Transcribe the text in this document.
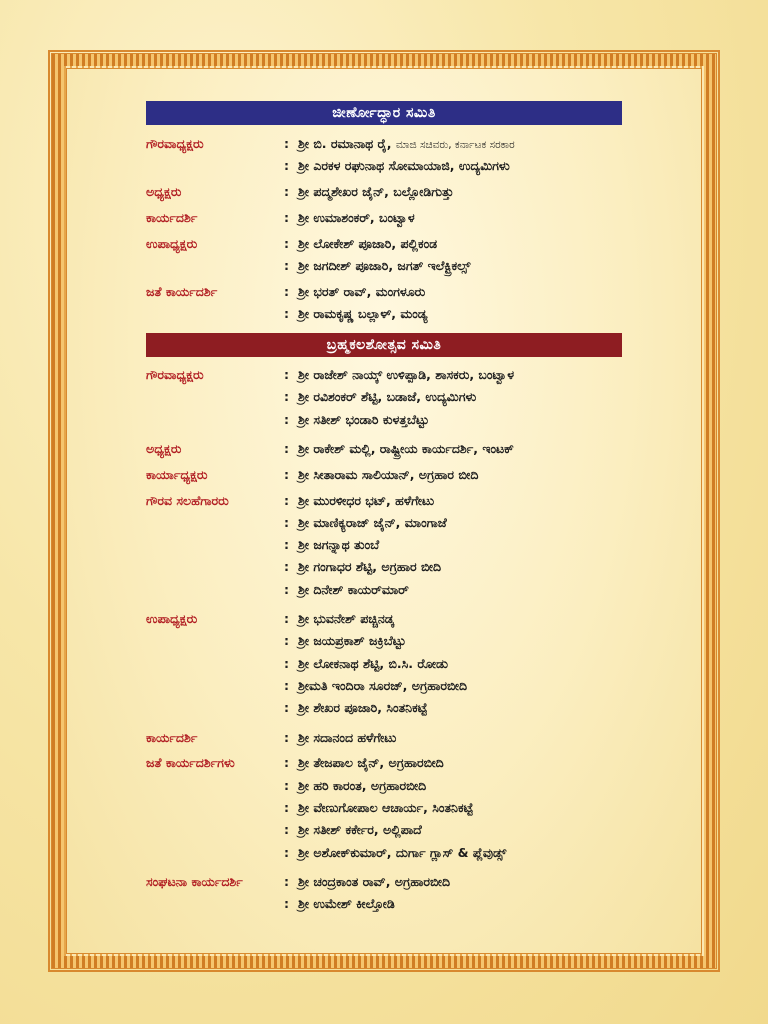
ಜೀರ್ಣೋದ್ಧಾರ ಸಮಿತಿ
ಬ್ರಹ್ಮಕಲಶೋತ್ಸವ ಸಮಿತಿ
ಗೌರವಾಧ್ಯಕ್ಷರು	: ಶ್ರೀ ಬಿ. ರಮಾನಾಥ ರೈ, ಮಾಜಿ ಸಚಿವರು, ಕರ್ನಾಟಕ ಸರಕಾರ
: ಶ್ರೀ ಎರಕಳ ರಘುನಾಥ ಸೋಮಾಯಾಜಿ, ಉದ್ಯಮಿಗಳು
ಅಧ್ಯಕ್ಷರು	: ಶ್ರೀ ಪದ್ಮಶೇಖರ ಜೈನ್, ಬಲ್ಲೋಡಿಗುತ್ತು
ಕಾರ್ಯದರ್ಶಿ	: ಶ್ರೀ ಉಮಾಶಂಕರ್, ಬಂಟ್ವಾಳ
ಉಪಾಧ್ಯಕ್ಷರು	: ಶ್ರೀ ಲೋಕೇಶ್ ಪೂಜಾರಿ, ಪಲ್ಲಿಕಂಡ
: ಶ್ರೀ ಜಗದೀಶ್ ಪೂಜಾರಿ, ಜಗತ್ ಇಲೆಕ್ಟ್ರಿಕಲ್ಸ್
ಜತೆ ಕಾರ್ಯದರ್ಶಿ	: ಶ್ರೀ ಭರತ್ ರಾವ್, ಮಂಗಳೂರು
: ಶ್ರೀ ರಾಮಕೃಷ್ಣ ಬಲ್ಲಾಳ್, ಮಂಡ್ಯ
ಗೌರವಾಧ್ಯಕ್ಷರು	: ಶ್ರೀ ರಾಜೇಶ್ ನಾಯ್ಕ್ ಉಳಿಪ್ಪಾಡಿ, ಶಾಸಕರು, ಬಂಟ್ವಾಳ
: ಶ್ರೀ ರವಿಶಂಕರ್ ಶೆಟ್ಟಿ, ಬಡಾಜೆ, ಉದ್ಯಮಿಗಳು
: ಶ್ರೀ ಸತೀಶ್ ಭಂಡಾರಿ ಕುಳತ್ತಬೆಟ್ಟು
ಅಧ್ಯಕ್ಷರು	: ಶ್ರೀ ರಾಕೇಶ್ ಮಲ್ಲಿ, ರಾಷ್ಟ್ರೀಯ ಕಾರ್ಯದರ್ಶಿ, ಇಂಟಕ್
ಕಾರ್ಯಾಧ್ಯಕ್ಷರು	: ಶ್ರೀ ಸೀತಾರಾಮ ಸಾಲಿಯಾನ್, ಅಗ್ರಹಾರ ಬೀದಿ
ಗೌರವ ಸಲಹೆಗಾರರು	: ಶ್ರೀ ಮುರಳೀಧರ ಭಟ್, ಹಳೆಗೇಟು
: ಶ್ರೀ ಮಾಣಿಕ್ಯರಾಜ್ ಜೈನ್, ಮಾಂಗಾಜೆ
: ಶ್ರೀ ಜಗನ್ನಾಥ ತುಂಬೆ
: ಶ್ರೀ ಗಂಗಾಧರ ಶೆಟ್ಟಿ, ಅಗ್ರಹಾರ ಬೀದಿ
: ಶ್ರೀ ದಿನೇಶ್ ಕಾಯರ್‌ಮಾರ್
ಉಪಾಧ್ಯಕ್ಷರು	: ಶ್ರೀ ಭುವನೇಶ್ ಪಚ್ಚಿನಡ್ಕ
: ಶ್ರೀ ಜಯಪ್ರಕಾಶ್ ಜಕ್ರಿಬೆಟ್ಟು
: ಶ್ರೀ ಲೋಕನಾಥ ಶೆಟ್ಟಿ, ಬಿ.ಸಿ. ರೋಡು
: ಶ್ರೀಮತಿ ಇಂದಿರಾ ಸೂರಜ್, ಅಗ್ರಹಾರಬೀದಿ
: ಶ್ರೀ ಶೇಖರ ಪೂಜಾರಿ, ಸಿಂತನಿಕಟ್ಟೆ
ಕಾರ್ಯದರ್ಶಿ	: ಶ್ರೀ ಸದಾನಂದ ಹಳೆಗೇಟು
ಜತೆ ಕಾರ್ಯದರ್ಶಿಗಳು	: ಶ್ರೀ ತೇಜಪಾಲ ಜೈನ್, ಅಗ್ರಹಾರಬೀದಿ
: ಶ್ರೀ ಹರಿ ಕಾರಂತ, ಅಗ್ರಹಾರಬೀದಿ
: ಶ್ರೀ ವೇಣುಗೋಪಾಲ ಆಚಾರ್ಯ, ಸಿಂತನಿಕಟ್ಟೆ
: ಶ್ರೀ ಸತೀಶ್ ಕರ್ಕೇರ, ಅಲ್ಲಿಪಾದೆ
: ಶ್ರೀ ಅಶೋಕ್‌ಕುಮಾರ್, ದುರ್ಗಾ ಗ್ಲಾಸ್ & ಪ್ಲೆವುಡ್ಸ್
ಸಂಘಟನಾ ಕಾರ್ಯದರ್ಶಿ	: ಶ್ರೀ ಚಂದ್ರಕಾಂತ ರಾವ್, ಅಗ್ರಹಾರಬೀದಿ
: ಶ್ರೀ ಉಮೇಶ್ ಕೀಲ್ತೋಡಿ
